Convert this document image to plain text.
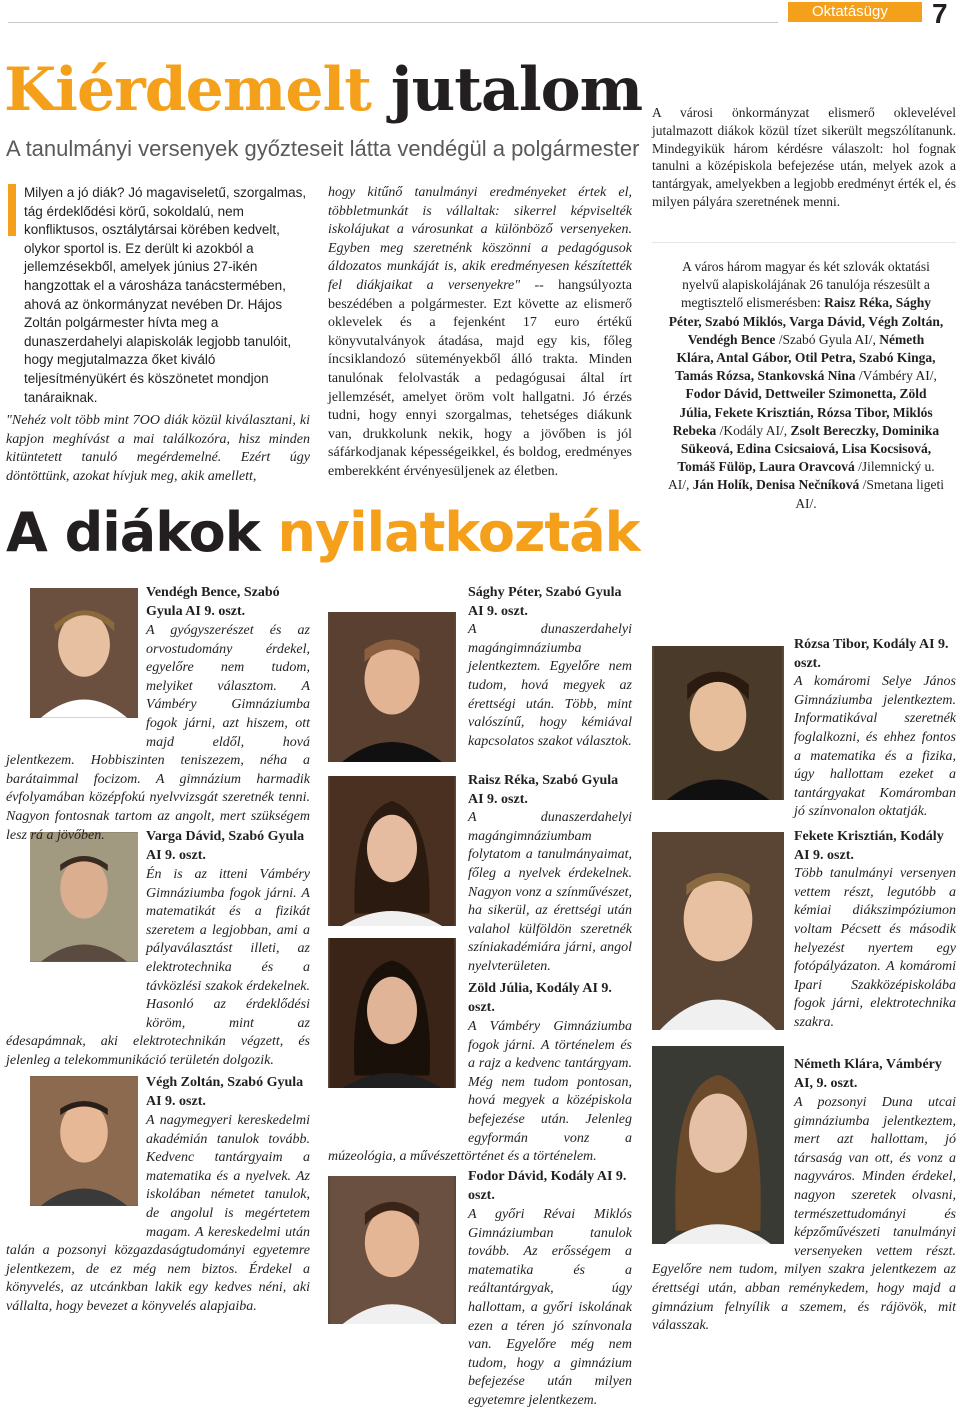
Oktatásügy	7
Kiérdemelt jutalom
A tanulmányi versenyek győzteseit látta vendégül a polgármester
Milyen a jó diák? Jó magaviseletű, szorgalmas, tág érdeklődési körű, sokoldalú, nem konfliktusos, osztálytársai körében kedvelt, olykor sportol is. Ez derült ki azokból a jellemzésekből, amelyek június 27-ikén hangzottak el a városháza tanácstermében, ahová az önkormányzat nevében Dr. Hájos Zoltán polgármester hívta meg a dunaszerdahelyi alapiskolák legjobb tanulóit, hogy megjutalmazza őket kiváló teljesítményükért és köszönetet mondjon tanáraiknak.
"Nehéz volt több mint 7OO diák közül kiválasztani, ki kapjon meghívást a mai találkozóra, hisz minden kitüntetett tanuló megérdemelné. Ezért úgy döntöttünk, azokat hívjuk meg, akik amellett,
hogy kitűnő tanulmányi eredményeket értek el, többletmunkát is vállaltak: sikerrel képviselték iskolájukat a városunkat a különböző versenyeken. Egyben meg szeretnénk köszönni a pedagógusok áldozatos munkáját is, akik eredményesen készítették fel diákjaikat a versenyekre" -- hangsúlyozta beszédében a polgármester. Ezt követte az elismerő oklevelek és a fejenként 17 euro értékű könyvutalványok átadása, majd egy kis, főleg íncsiklandozó süteményekből álló trakta. Minden tanulónak felolvasták a pedagógusai által írt jellemzését, amelyet öröm volt hallgatni. Jó érzés tudni, hogy ennyi szorgalmas, tehetséges diákunk van, drukkolunk nekik, hogy a jövőben is jól sáfárkodjanak képességeikkel, és boldog, eredményes emberekként érvényesüljenek az életben.
A városi önkormányzat elismerő oklevelével jutalmazott diákok közül tízet sikerült megszólítanunk. Mindegyikük három kérdésre válaszolt: hol fognak tanulni a középiskola befejezése után, melyek azok a tantárgyak, amelyekben a legjobb eredményt érték el, és milyen pályára szeretnének menni.
A város három magyar és két szlovák oktatási nyelvű alapiskolájának 26 tanulója részesült a megtisztelő elismerésben: Raisz Réka, Sághy Péter, Szabó Miklós, Varga Dávid, Végh Zoltán, Vendégh Bence /Szabó Gyula AI/, Németh Klára, Antal Gábor, Otil Petra, Szabó Kinga, Tamás Rózsa, Stankovská Nina /Vámbéry AI/, Fodor Dávid, Dettweiler Szimonetta, Zöld Júlia, Fekete Krisztián, Rózsa Tibor, Miklós Rebeka /Kodály AI/, Zsolt Bereczky, Dominika Sükeová, Edina Csicsaiová, Lisa Kocsisová, Tomáš Fülöp, Laura Oravcová /Jilemnický u. AI/, Ján Holík, Denisa Nečníková /Smetana ligeti AI/.
A diákok nyilatkozták
Vendégh Bence, Szabó Gyula AI 9. oszt.
A gyógyszerészet és az orvostudomány érdekel, egyelőre nem tudom, melyiket választom. A Vámbéry Gimnáziumba fogok járni, azt hiszem, ott majd eldől, hová jelentkezem. Hobbiszinten teniszezem, néha a barátaimmal focizom. A gimnázium harmadik évfolyamában középfokú nyelvvizsgát szeretnék tenni. Nagyon fontosnak tartom az angolt, mert szükségem lesz rá a jövőben.	Varga Dávid, Szabó Gyula AI 9. oszt.
Én is az itteni Vámbéry Gimnáziumba fogok járni. A matematikát és a fizikát szeretem a legjobban, ami a pályaválasztást illeti, az elektrotechnika és a távközlési szakok érdekelnek. Hasonló az érdeklődési köröm, mint az édesapámnak, aki elektrotechnikán végzett, és jelenleg a telekommunikáció területén dolgozik.
Végh Zoltán, Szabó Gyula AI 9. oszt.
A nagymegyeri kereskedelmi akadémián tanulok tovább. Kedvenc tantárgyaim a matematika és a nyelvek. Az iskolában németet tanulok, de angolul is megértetem magam. A kereskedelmi után talán a pozsonyi közgazdaságtudományi egyetemre jelentkezem, de ez még nem biztos. Érdekel a könyvelés, az utcánkban lakik egy kedves néni, aki vállalta, hogy bevezet a könyvelés alapjaiba.
Sághy Péter, Szabó Gyula AI 9. oszt.
A dunaszerdahelyi magángimnáziumba jelentkeztem. Egyelőre nem tudom, hová megyek az érettségi után. Több, mint valószínű, hogy kémiával kapcsolatos szakot választok.
Raisz Réka, Szabó Gyula AI 9. oszt.
A dunaszerdahelyi magángimnáziumbam folytatom a tanulmányaimat, főleg a nyelvek érdekelnek. Nagyon vonz a színművészet, ha sikerül, az érettségi után valahol külföldön szeretnék színiakadémiára járni, angol nyelvterületen.
Zöld Júlia, Kodály AI 9. oszt.
A Vámbéry Gimnáziumba fogok járni. A történelem és a rajz a kedvenc tantárgyam. Még nem tudom pontosan, hová megyek a középiskola befejezése után. Jelenleg egyformán vonz a múzeológia, a művészettörténet és a történelem.
Fodor Dávid, Kodály AI 9. oszt.
A győri Révai Miklós Gimnáziumban tanulok tovább. Az erősségem a matematika és a reáltantárgyak, úgy hallottam, a győri iskolának ezen a téren jó színvonala van. Egyelőre még nem tudom, hogy a gimnázium befejezése után milyen egyetemre jelentkezem.
Rózsa Tibor, Kodály AI 9. oszt.
A komáromi Selye János Gimnáziumba jelentkeztem. Informatikával szeretnék foglalkozni, és ehhez fontos a matematika és a fizika, úgy hallottam ezeket a tantárgyakat Komáromban jó színvonalon oktatják.
Fekete Krisztián, Kodály AI 9. oszt.
Több tanulmányi versenyen vettem részt, legutóbb a kémiai diákszimpóziumon voltam Pécsett és második helyezést nyertem egy fotópályázaton. A komáromi Ipari Szakközépiskolába fogok járni, elektrotechnika szakra.
Németh Klára, Vámbéry AI, 9. oszt.
A pozsonyi Duna utcai gimnáziumba jelentkeztem, mert azt hallottam, jó társaság van ott, és vonz a nagyváros. Minden érdekel, nagyon szeretek olvasni, természettudományi és képzőművészeti tanulmányi versenyeken vettem részt. Egyelőre nem tudom, milyen szakra jelentkezem az érettségi után, abban reménykedem, hogy majd a gimnázium felnyílik a szemem, és rájövök, mit válasszak.
